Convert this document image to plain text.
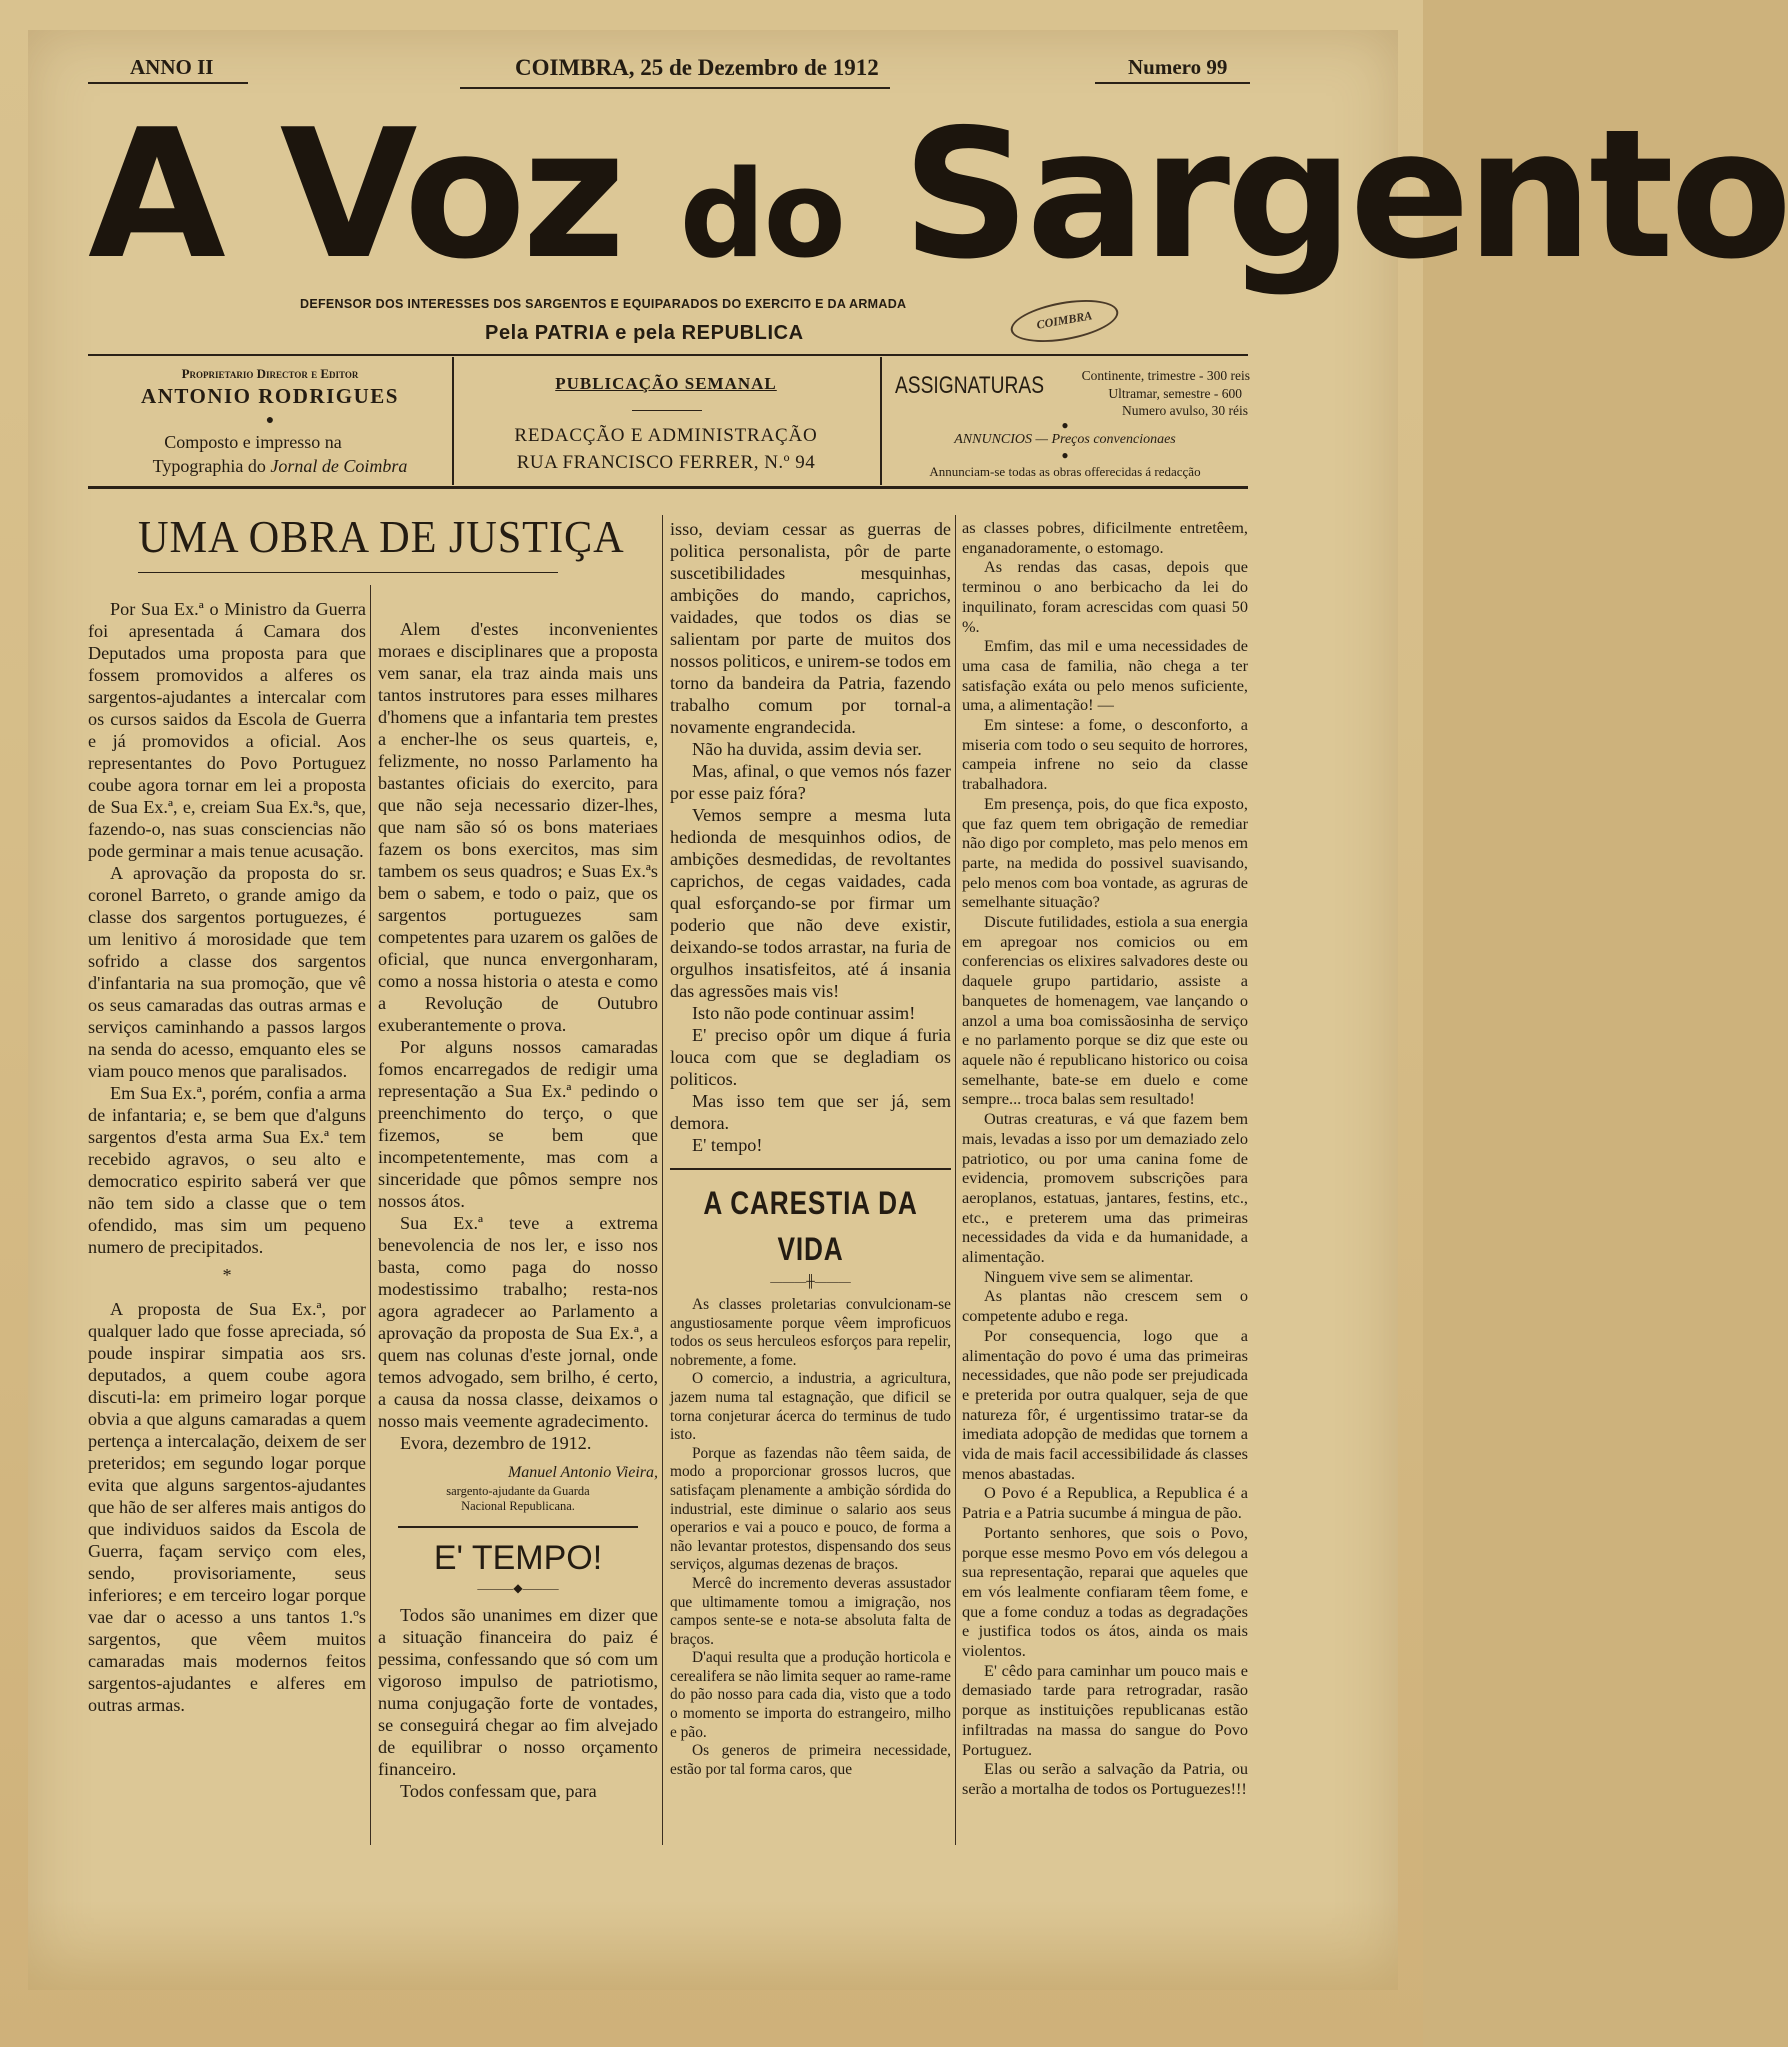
ANNO II	COIMBRA, 25 de Dezembro de 1912	Numero 99
A Voz do Sargento
DEFENSOR DOS INTERESSES DOS SARGENTOS E EQUIPARADOS DO EXERCITO E DA ARMADA
Pela PATRIA e pela REPUBLICA
COIMBRA
Proprietario Director e Editor
ANTONIO RODRIGUES
●
Composto e impresso na
Typographia do Jornal de Coimbra
PUBLICAÇÃO SEMANAL
REDACÇÃO E ADMINISTRAÇÃO
RUA FRANCISCO FERRER, N.º 94
ASSIGNATURAS	Continente, trimestre - 300 reis
Ultramar, semestre - 600
Numero avulso, 30 réis
●
ANNUNCIOS — Preços convencionaes
●
Annunciam-se todas as obras offerecidas á redacção
UMA OBRA DE JUSTIÇA

Por Sua Ex.ª o Ministro da Guerra foi apresentada á Camara dos Deputados uma proposta para que fossem promovidos a alferes os sargentos-ajudantes a intercalar com os cursos saidos da Escola de Guerra e já promovidos a oficial. Aos representantes do Povo Portuguez coube agora tornar em lei a proposta de Sua Ex.ª, e, creiam Sua Ex.ªs, que, fazendo-o, nas suas consciencias não pode germinar a mais tenue acusação.

A aprovação da proposta do sr. coronel Barreto, o grande amigo da classe dos sargentos portuguezes, é um lenitivo á morosidade que tem sofrido a classe dos sargentos d'infantaria na sua promoção, que vê os seus camaradas das outras armas e serviços caminhando a passos largos na senda do acesso, emquanto eles se viam pouco menos que paralisados.

Em Sua Ex.ª, porém, confia a arma de infantaria; e, se bem que d'alguns sargentos d'esta arma Sua Ex.ª tem recebido agravos, o seu alto e democratico espirito saberá ver que não tem sido a classe que o tem ofendido, mas sim um pequeno numero de precipitados.

*

A proposta de Sua Ex.ª, por qualquer lado que fosse apreciada, só poude inspirar simpatia aos srs. deputados, a quem coube agora discuti-la: em primeiro logar porque obvia a que alguns camaradas a quem pertença a intercalação, deixem de ser preteridos; em segundo logar porque evita que alguns sargentos-ajudantes que hão de ser alferes mais antigos do que individuos saidos da Escola de Guerra, façam serviço com eles, sendo, provisoriamente, seus inferiores; e em terceiro logar porque vae dar o acesso a uns tantos 1.ºs sargentos, que vêem muitos camaradas mais modernos feitos sargentos-ajudantes e alferes em outras armas.

Alem d'estes inconvenientes moraes e disciplinares que a proposta vem sanar, ela traz ainda mais uns tantos instrutores para esses milhares d'homens que a infantaria tem prestes a encher-lhe os seus quarteis, e, felizmente, no nosso Parlamento ha bastantes oficiais do exercito, para que não seja necessario dizer-lhes, que nam são só os bons materiaes fazem os bons exercitos, mas sim tambem os seus quadros; e Suas Ex.ªs bem o sabem, e todo o paiz, que os sargentos portuguezes sam competentes para uzarem os galões de oficial, que nunca envergonharam, como a nossa historia o atesta e como a Revolução de Outubro exuberantemente o prova.

Por alguns nossos camaradas fomos encarregados de redigir uma representação a Sua Ex.ª pedindo o preenchimento do terço, o que fizemos, se bem que incompetentemente, mas com a sinceridade que pômos sempre nos nossos átos.

Sua Ex.ª teve a extrema benevolencia de nos ler, e isso nos basta, como paga do nosso modestissimo trabalho; resta-nos agora agradecer ao Parlamento a aprovação da proposta de Sua Ex.ª, a quem nas colunas d'este jornal, onde temos advogado, sem brilho, é certo, a causa da nossa classe, deixamos o nosso mais veemente agradecimento.

Evora, dezembro de 1912.

Manuel Antonio Vieira,

sargento-ajudante da Guarda

Nacional Republicana.

E' TEMPO!

———◆———

Todos são unanimes em dizer que a situação financeira do paiz é pessima, confessando que só com um vigoroso impulso de patriotismo, numa conjugação forte de vontades, se conseguirá chegar ao fim alvejado de equilibrar o nosso orçamento financeiro.

Todos confessam que, para

isso, deviam cessar as guerras de politica personalista, pôr de parte suscetibilidades mesquinhas, ambições do mando, caprichos, vaidades, que todos os dias se salientam por parte de muitos dos nossos politicos, e unirem-se todos em torno da bandeira da Patria, fazendo trabalho comum por tornal-a novamente engrandecida.

Não ha duvida, assim devia ser.

Mas, afinal, o que vemos nós fazer por esse paiz fóra?

Vemos sempre a mesma luta hedionda de mesquinhos odios, de ambições desmedidas, de revoltantes caprichos, de cegas vaidades, cada qual esforçando-se por firmar um poderio que não deve existir, deixando-se todos arrastar, na furia de orgulhos insatisfeitos, até á insania das agressões mais vis!

Isto não pode continuar assim!

E' preciso opôr um dique á furia louca com que se degladiam os politicos.

Mas isso tem que ser já, sem demora.

E' tempo!

A CARESTIA DA VIDA

———╫———

As classes proletarias convulcionam-se angustiosamente porque vêem improficuos todos os seus herculeos esforços para repelir, nobremente, a fome.

O comercio, a industria, a agricultura, jazem numa tal estagnação, que dificil se torna conjeturar ácerca do terminus de tudo isto.

Porque as fazendas não têem saida, de modo a proporcionar grossos lucros, que satisfaçam plenamente a ambição sórdida do industrial, este diminue o salario aos seus operarios e vai a pouco e pouco, de forma a não levantar protestos, dispensando dos seus serviços, algumas dezenas de braços.

Mercê do incremento deveras assustador que ultimamente tomou a imigração, nos campos sente-se e nota-se absoluta falta de braços.

D'aqui resulta que a produção horticola e cerealifera se não limita sequer ao rame-rame do pão nosso para cada dia, visto que a todo o momento se importa do estrangeiro, milho e pão.

Os generos de primeira necessidade, estão por tal forma caros, que

as classes pobres, dificilmente entretêem, enganadoramente, o estomago.

As rendas das casas, depois que terminou o ano berbicacho da lei do inquilinato, foram acrescidas com quasi 50 %.

Emfim, das mil e uma necessidades de uma casa de familia, não chega a ter satisfação exáta ou pelo menos suficiente, uma, a alimentação! —

Em sintese: a fome, o desconforto, a miseria com todo o seu sequito de horrores, campeia infrene no seio da classe trabalhadora.

Em presença, pois, do que fica exposto, que faz quem tem obrigação de remediar não digo por completo, mas pelo menos em parte, na medida do possivel suavisando, pelo menos com boa vontade, as agruras de semelhante situação?

Discute futilidades, estiola a sua energia em apregoar nos comicios ou em conferencias os elixires salvadores deste ou daquele grupo partidario, assiste a banquetes de homenagem, vae lançando o anzol a uma boa comissãosinha de serviço e no parlamento porque se diz que este ou aquele não é republicano historico ou coisa semelhante, bate-se em duelo e come sempre... troca balas sem resultado!

Outras creaturas, e vá que fazem bem mais, levadas a isso por um demaziado zelo patriotico, ou por uma canina fome de evidencia, promovem subscrições para aeroplanos, estatuas, jantares, festins, etc., etc., e preterem uma das primeiras necessidades da vida e da humanidade, a alimentação.

Ninguem vive sem se alimentar.

As plantas não crescem sem o competente adubo e rega.

Por consequencia, logo que a alimentação do povo é uma das primeiras necessidades, que não pode ser prejudicada e preterida por outra qualquer, seja de que natureza fôr, é urgentissimo tratar-se da imediata adopção de medidas que tornem a vida de mais facil accessibilidade ás classes menos abastadas.

O Povo é a Republica, a Republica é a Patria e a Patria sucumbe á mingua de pão.

Portanto senhores, que sois o Povo, porque esse mesmo Povo em vós delegou a sua representação, reparai que aqueles que em vós lealmente confiaram têem fome, e que a fome conduz a todas as degradações e justifica todos os átos, ainda os mais violentos.

E' cêdo para caminhar um pouco mais e demasiado tarde para retrogradar, rasão porque as instituições republicanas estão infiltradas na massa do sangue do Povo Portuguez.

Elas ou serão a salvação da Patria, ou serão a mortalha de todos os Portuguezes!!!
